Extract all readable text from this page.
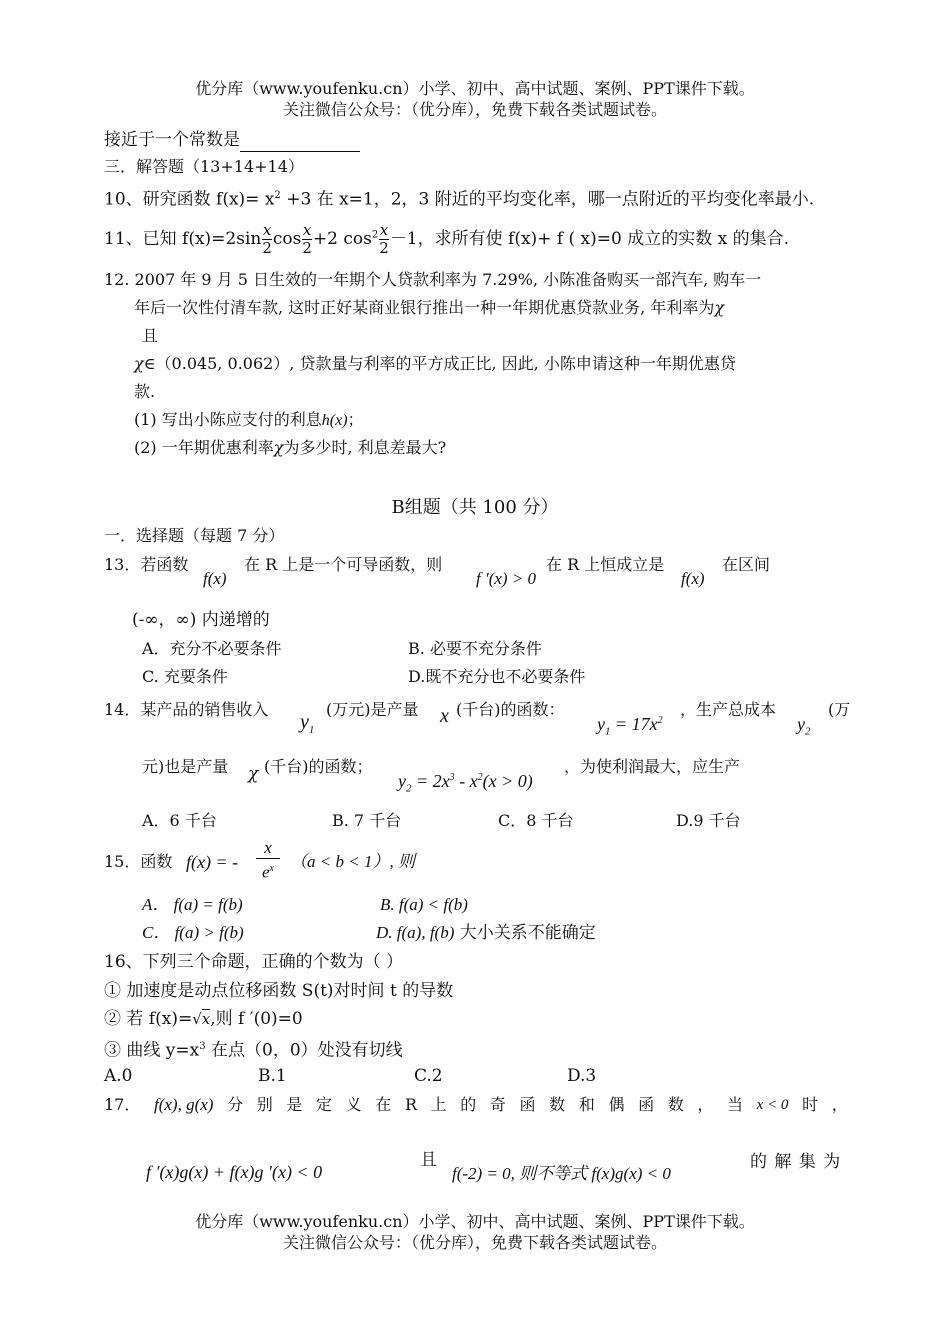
优分库（www.youfenku.cn）小学、初中、高中试题、案例、PPT课件下载。
关注微信公众号：（优分库），免费下载各类试题试卷。
接近于一个常数是
三．解答题（13+14+14）
10、研究函数 $f(x)= x^2 +3$ 在 x=1，2，3 附近的平均变化率，哪一点附近的平均变化率最小.
11、已知 $f(x)=2\sin \frac{x}{2}$ $\cos \frac{x}{2} +2$ $\cos^2 \frac{x}{2} -1$，求所有使 f(x)+ f ( x)=0 成立的实数 x 的集合.
12. 2007 年 9 月 5 日生效的一年期个人贷款利率为 7.29%, 小陈准备购买一部汽车, 购车一
年后一次性付清车款, 这时正好某商业银行推出一种一年期优惠贷款业务, 年利率为χ
且
χ∈（0.045, 0.062）, 贷款量与利率的平方成正比, 因此, 小陈申请这种一年期优惠贷
款.
(1) 写出小陈应支付的利息h(x)；
(2) 一年期优惠利率χ为多少时, 利息差最大?
B组题（共 100 分）
一．选择题（每题 7 分）
13．若函数
f(x)
在 R 上是一个可导函数，则
f ′(x) > 0
在 R 上恒成立是
f(x)
在区间
(-∞，∞) 内递增的
A．充分不必要条件	B. 必要不充分条件
C. 充要条件	D.既不充分也不必要条件
14．某产品的销售收入
$y_1$
(万元)是产量 x (千台)的函数：
$y_1 = 17x^2$
，生产总成本
$y_2$
(万
元)也是产量 χ (千台)的函数；
$y_2 = 2x^3 - x^2(x > 0)$
，为使利润最大，应生产
A．6 千台	B. 7 千台	C．8 千台	D.9 千台
15．函数 f(x) = - $\frac{x}{e^x} (a < b < 1)$, 则
A． f(a) = f(b)	B. f(a) < f(b)
C． f(a) > f(b)	D. f(a), f(b) 大小关系不能确定
16、下列三个命题，正确的个数为（ ）
① 加速度是动点位移函数 S(t)对时间 t 的导数
② 若 f(x)=√x,则 f ′(0)=0
③ 曲线 $y=x^3$ 在点（0，0）处没有切线
A.0	B.1	C.2	D.3
17． f(x), g(x) 分 别 是 定 义 在 R 上 的 奇 函 数 和 偶 函 数 ， 当 x < 0 时 ，
f ′(x)g(x) + f(x)g ′(x) < 0
且
f(-2) = 0, 则不等式 f(x)g(x) < 0
的 解 集 为
优分库（www.youfenku.cn）小学、初中、高中试题、案例、PPT课件下载。
关注微信公众号：（优分库），免费下载各类试题试卷。
